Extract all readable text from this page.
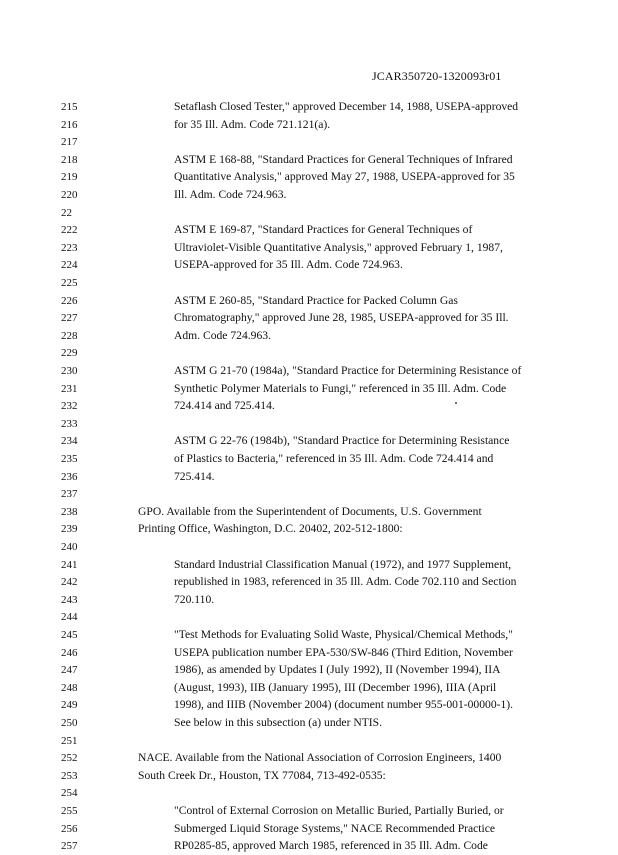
JCAR350720-1320093r01
215	Setaflash Closed Tester," approved December 14, 1988, USEPA-approved
216	for 35 Ill. Adm. Code 721.121(a).
217
218	ASTM E 168-88, "Standard Practices for General Techniques of Infrared
219	Quantitative Analysis," approved May 27, 1988, USEPA-approved for 35
220	Ill. Adm. Code 724.963.
22
222	ASTM E 169-87, "Standard Practices for General Techniques of
223	Ultraviolet-Visible Quantitative Analysis," approved February 1, 1987,
224	USEPA-approved for 35 Ill. Adm. Code 724.963.
225
226	ASTM E 260-85, "Standard Practice for Packed Column Gas
227	Chromatography," approved June 28, 1985, USEPA-approved for 35 Ill.
228	Adm. Code 724.963.
229
230	ASTM G 21-70 (1984a), "Standard Practice for Determining Resistance of
231	Synthetic Polymer Materials to Fungi," referenced in 35 Ill. Adm. Code
232	724.414 and 725.414.
233
234	ASTM G 22-76 (1984b), "Standard Practice for Determining Resistance
235	of Plastics to Bacteria," referenced in 35 Ill. Adm. Code 724.414 and
236	725.414.
237
238	GPO. Available from the Superintendent of Documents, U.S. Government
239	Printing Office, Washington, D.C. 20402, 202-512-1800:
240
241	Standard Industrial Classification Manual (1972), and 1977 Supplement,
242	republished in 1983, referenced in 35 Ill. Adm. Code 702.110 and Section
243	720.110.
244
245	"Test Methods for Evaluating Solid Waste, Physical/Chemical Methods,"
246	USEPA publication number EPA-530/SW-846 (Third Edition, November
247	1986), as amended by Updates I (July 1992), II (November 1994), IIA
248	(August, 1993), IIB (January 1995), III (December 1996), IIIA (April
249	1998), and IIIB (November 2004) (document number 955-001-00000-1).
250	See below in this subsection (a) under NTIS.
251
252	NACE. Available from the National Association of Corrosion Engineers, 1400
253	South Creek Dr., Houston, TX 77084, 713-492-0535:
254
255	"Control of External Corrosion on Metallic Buried, Partially Buried, or
256	Submerged Liquid Storage Systems," NACE Recommended Practice
257	RP0285-85, approved March 1985, referenced in 35 Ill. Adm. Code
